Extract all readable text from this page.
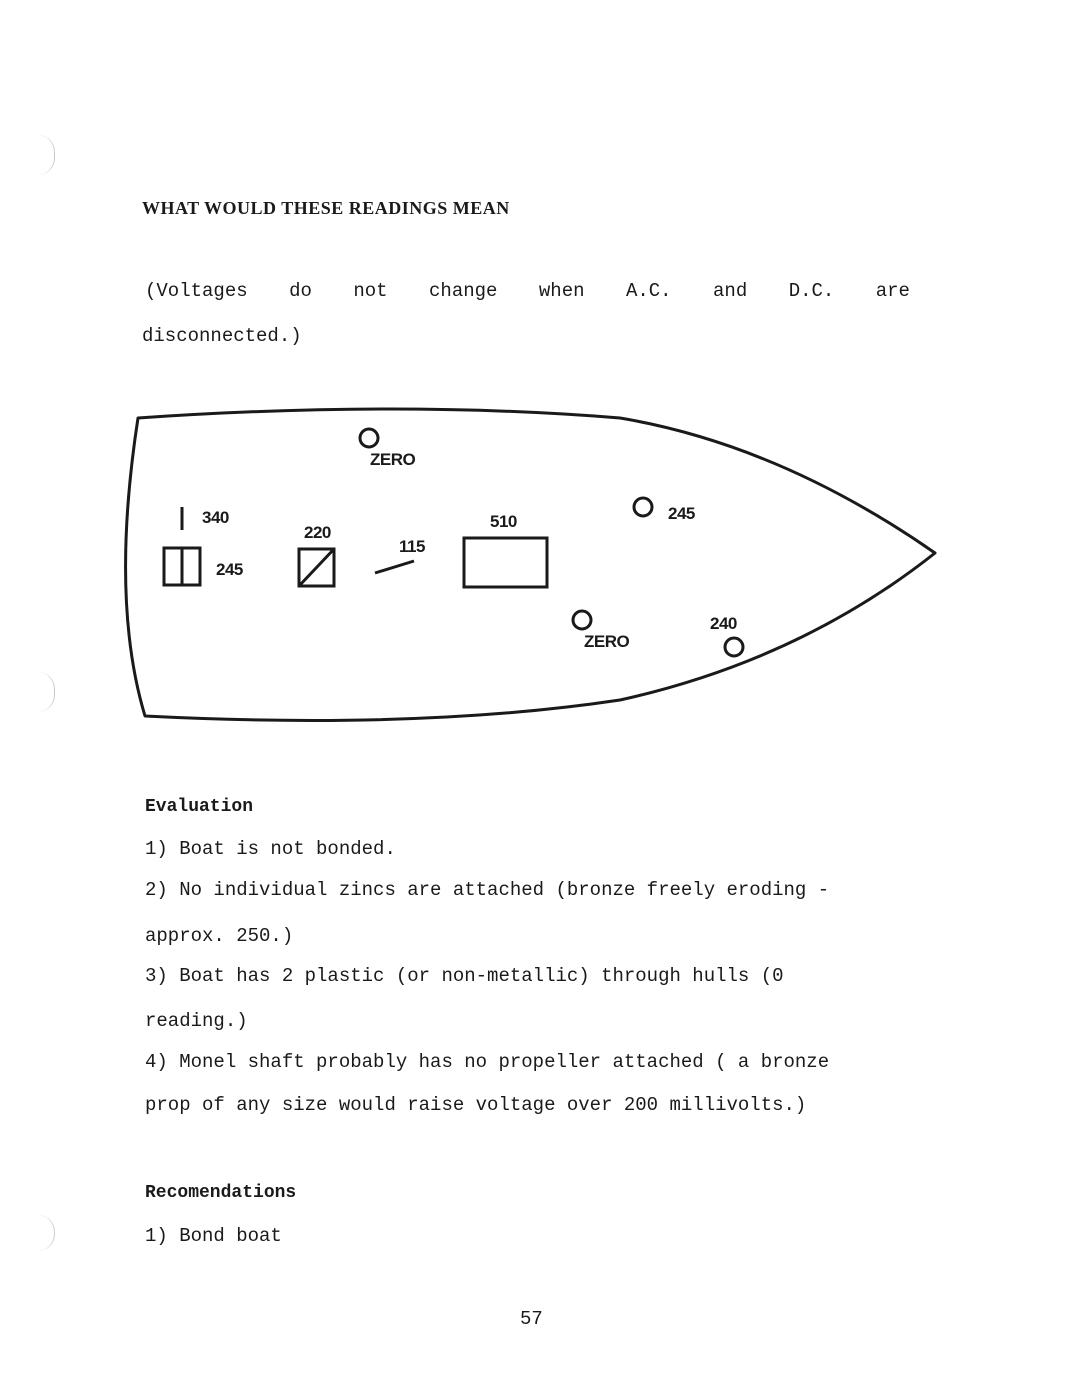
WHAT WOULD THESE READINGS MEAN

(Voltages do not change when A.C. and D.C. are

disconnected.)

ZERO
340
245
220
115
510	245
ZERO
240
Evaluation

1) Boat is not bonded.

2) No individual zincs are attached (bronze freely eroding -

approx. 250.)

3) Boat has 2 plastic (or non-metallic) through hulls (0

reading.)

4) Monel shaft probably has no propeller attached ( a bronze

prop of any size would raise voltage over 200 millivolts.)

Recomendations

1) Bond boat

57
